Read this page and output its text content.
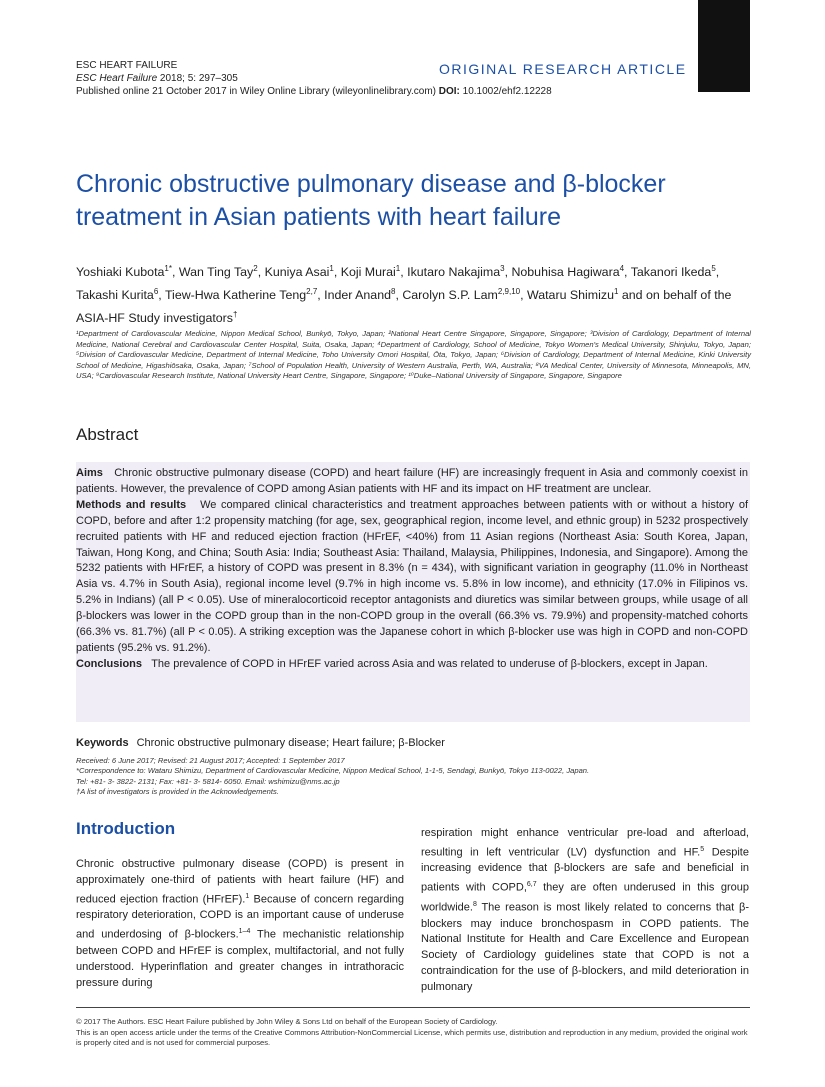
ESC HEART FAILURE
ESC Heart Failure 2018; 5: 297–305
Published online 21 October 2017 in Wiley Online Library (wileyonlinelibrary.com) DOI: 10.1002/ehf2.12228
ORIGINAL RESEARCH ARTICLE
Chronic obstructive pulmonary disease and β-blocker treatment in Asian patients with heart failure
Yoshiaki Kubota$^{1*}$, Wan Ting Tay$^2$, Kuniya Asai$^1$, Koji Murai$^1$, Ikutaro Nakajima$^3$, Nobuhisa Hagiwara$^4$, Takanori Ikeda$^5$, Takashi Kurita$^6$, Tiew-Hwa Katherine Teng$^{2,7}$, Inder Anand$^8$, Carolyn S.P. Lam$^{2,9,10}$, Wataru Shimizu$^1$ and on behalf of the ASIA-HF Study investigators†
¹Department of Cardiovascular Medicine, Nippon Medical School, Bunkyō, Tokyo, Japan; ²National Heart Centre Singapore, Singapore, Singapore; ³Division of Cardiology, Department of Internal Medicine, National Cerebral and Cardiovascular Center Hospital, Suita, Osaka, Japan; ⁴Department of Cardiology, School of Medicine, Tokyo Women's Medical University, Shinjuku, Tokyo, Japan; ⁵Division of Cardiovascular Medicine, Department of Internal Medicine, Toho University Omori Hospital, Ōta, Tokyo, Japan; ⁶Division of Cardiology, Department of Internal Medicine, Kinki University School of Medicine, Higashiōsaka, Osaka, Japan; ⁷School of Population Health, University of Western Australia, Perth, WA, Australia; ⁸VA Medical Center, University of Minnesota, Minneapolis, MN, USA; ⁹Cardiovascular Research Institute, National University Heart Centre, Singapore, Singapore; ¹⁰Duke–National University of Singapore, Singapore, Singapore
Abstract

Aims Chronic obstructive pulmonary disease (COPD) and heart failure (HF) are increasingly frequent in Asia and commonly coexist in patients. However, the prevalence of COPD among Asian patients with HF and its impact on HF treatment are unclear.

Methods and results We compared clinical characteristics and treatment approaches between patients with or without a history of COPD, before and after 1:2 propensity matching (for age, sex, geographical region, income level, and ethnic group) in 5232 prospectively recruited patients with HF and reduced ejection fraction (HFrEF, <40%) from 11 Asian regions (Northeast Asia: South Korea, Japan, Taiwan, Hong Kong, and China; South Asia: India; Southeast Asia: Thailand, Malaysia, Philippines, Indonesia, and Singapore). Among the 5232 patients with HFrEF, a history of COPD was present in 8.3% (n = 434), with significant variation in geography (11.0% in Northeast Asia vs. 4.7% in South Asia), regional income level (9.7% in high income vs. 5.8% in low income), and ethnicity (17.0% in Filipinos vs. 5.2% in Indians) (all P < 0.05). Use of mineralocorticoid receptor antagonists and diuretics was similar between groups, while usage of all β-blockers was lower in the COPD group than in the non-COPD group in the overall (66.3% vs. 79.9%) and propensity-matched cohorts (66.3% vs. 81.7%) (all P < 0.05). A striking exception was the Japanese cohort in which β-blocker use was high in COPD and non-COPD patients (95.2% vs. 91.2%).

Conclusions The prevalence of COPD in HFrEF varied across Asia and was related to underuse of β-blockers, except in Japan.

Keywords Chronic obstructive pulmonary disease; Heart failure; β-Blocker
Received: 6 June 2017; Revised: 21 August 2017; Accepted: 1 September 2017
*Correspondence to: Wataru Shimizu, Department of Cardiovascular Medicine, Nippon Medical School, 1-1-5, Sendagi, Bunkyō, Tokyo 113-0022, Japan.
Tel: +81- 3- 3822- 2131; Fax: +81- 3- 5814- 6050. Email: wshimizu@nms.ac.jp
†A list of investigators is provided in the Acknowledgements.
Introduction

Chronic obstructive pulmonary disease (COPD) is present in approximately one-third of patients with heart failure (HF) and reduced ejection fraction (HFrEF).$^1$ Because of concern regarding respiratory deterioration, COPD is an important cause of underuse and underdosing of β-blockers.$^{1-4}$ The mechanistic relationship between COPD and HFrEF is complex, multifactorial, and not fully understood. Hyperinflation and greater changes in intrathoracic pressure during

respiration might enhance ventricular pre-load and afterload, resulting in left ventricular (LV) dysfunction and HF.$^5$ Despite increasing evidence that β-blockers are safe and beneficial in patients with COPD,$^{6,7}$ they are often underused in this group worldwide.$^8$ The reason is most likely related to concerns that β-blockers may induce bronchospasm in COPD patients. The National Institute for Health and Care Excellence and European Society of Cardiology guidelines state that COPD is not a contraindication for the use of β-blockers, and mild deterioration in pulmonary

© 2017 The Authors. ESC Heart Failure published by John Wiley & Sons Ltd on behalf of the European Society of Cardiology.
This is an open access article under the terms of the Creative Commons Attribution-NonCommercial License, which permits use, distribution and reproduction in any medium, provided the original work is properly cited and is not used for commercial purposes.
